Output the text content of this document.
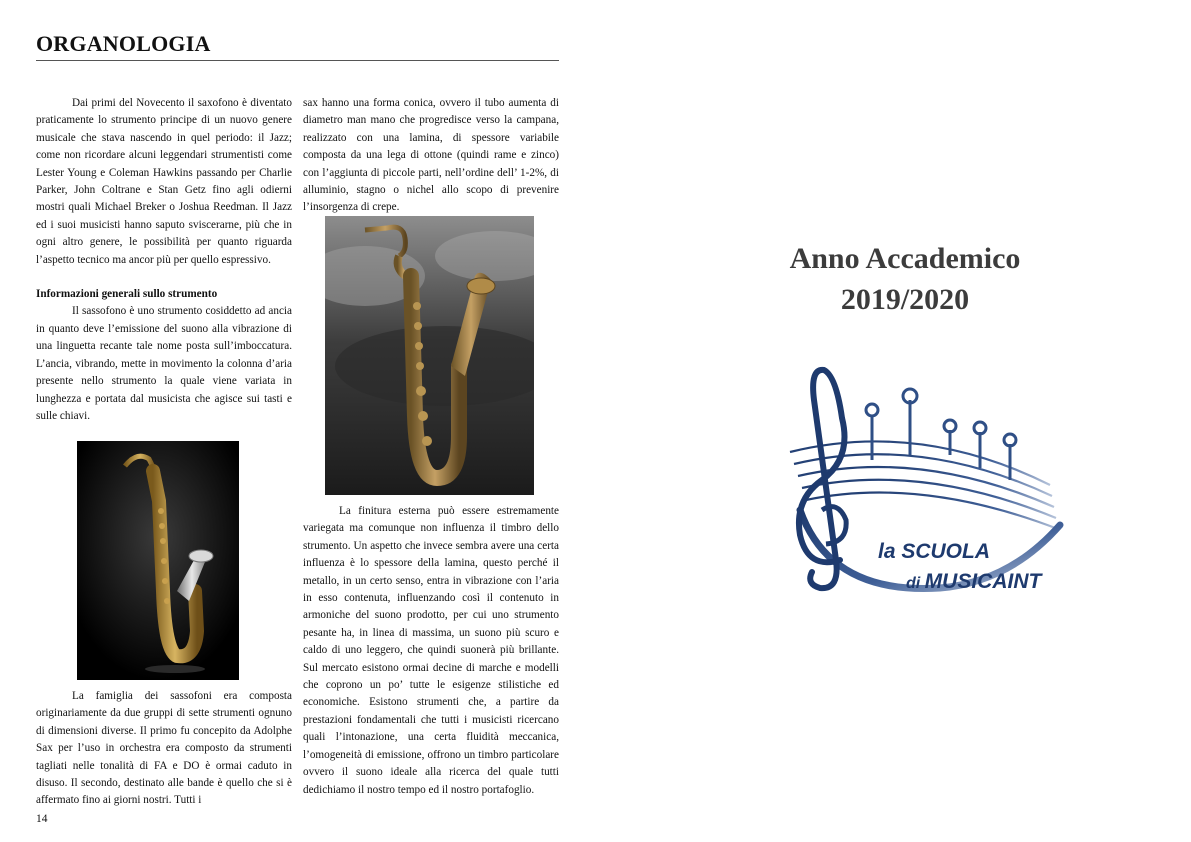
ORGANOLOGIA

Dai primi del Novecento il saxofono è diventato praticamente lo strumento principe di un nuovo genere musicale che stava nascendo in quel periodo: il Jazz; come non ricordare alcuni leggendari strumentisti come Lester Young e Coleman Hawkins passando per Charlie Parker, John Coltrane e Stan Getz fino agli odierni mostri quali Michael Breker o Joshua Reedman. Il Jazz ed i suoi musicisti hanno saputo sviscerarne, più che in ogni altro genere, le possibilità per quanto riguarda l’aspetto tecnico ma ancor più per quello espressivo.

Informazioni generali sullo strumento

Il sassofono è uno strumento cosiddetto ad ancia in quanto deve l’emissione del suono alla vibrazione di una linguetta recante tale nome posta sull’imboccatura. L’ancia, vibrando, mette in movimento la colonna d’aria presente nello strumento la quale viene variata in lunghezza e portata dal musicista che agisce sui tasti e sulle chiavi.

La famiglia dei sassofoni era composta originariamente da due gruppi di sette strumenti ognuno di dimensioni diverse. Il primo fu concepito da Adolphe Sax per l’uso in orchestra era composto da strumenti tagliati nelle tonalità di FA e DO è ormai caduto in disuso. Il secondo, destinato alle bande è quello che si è affermato fino ai giorni nostri. Tutti i

sax hanno una forma conica, ovvero il tubo aumenta di diametro man mano che progredisce verso la campana, realizzato con una lamina, di spessore variabile composta da una lega di ottone (quindi rame e zinco) con l’aggiunta di piccole parti, nell’ordine dell’ 1-2%, di alluminio, stagno o nichel allo scopo di prevenire l’insorgenza di crepe.

La finitura esterna può essere estremamente variegata ma comunque non influenza il timbro dello strumento. Un aspetto che invece sembra avere una certa influenza è lo spessore della lamina, questo perché il metallo, in un certo senso, entra in vibrazione con l’aria in esso contenuta, influenzando così il contenuto in armoniche del suono prodotto, per cui uno strumento pesante ha, in linea di massima, un suono più scuro e caldo di uno leggero, che quindi suonerà più brillante. Sul mercato esistono ormai decine di marche e modelli che coprono un po’ tutte le esigenze stilistiche ed economiche. Esistono strumenti che, a partire da prestazioni fondamentali che tutti i musicisti ricercano quali l’intonazione, una certa fluidità meccanica, l’omogeneità di emissione, offrono un timbro particolare ovvero il suono ideale alla ricerca del quale tutti dedichiamo il nostro tempo ed il nostro portafoglio.

14
Anno Accademico
2019/2020
la SCUOLA
di MUSICAINT
